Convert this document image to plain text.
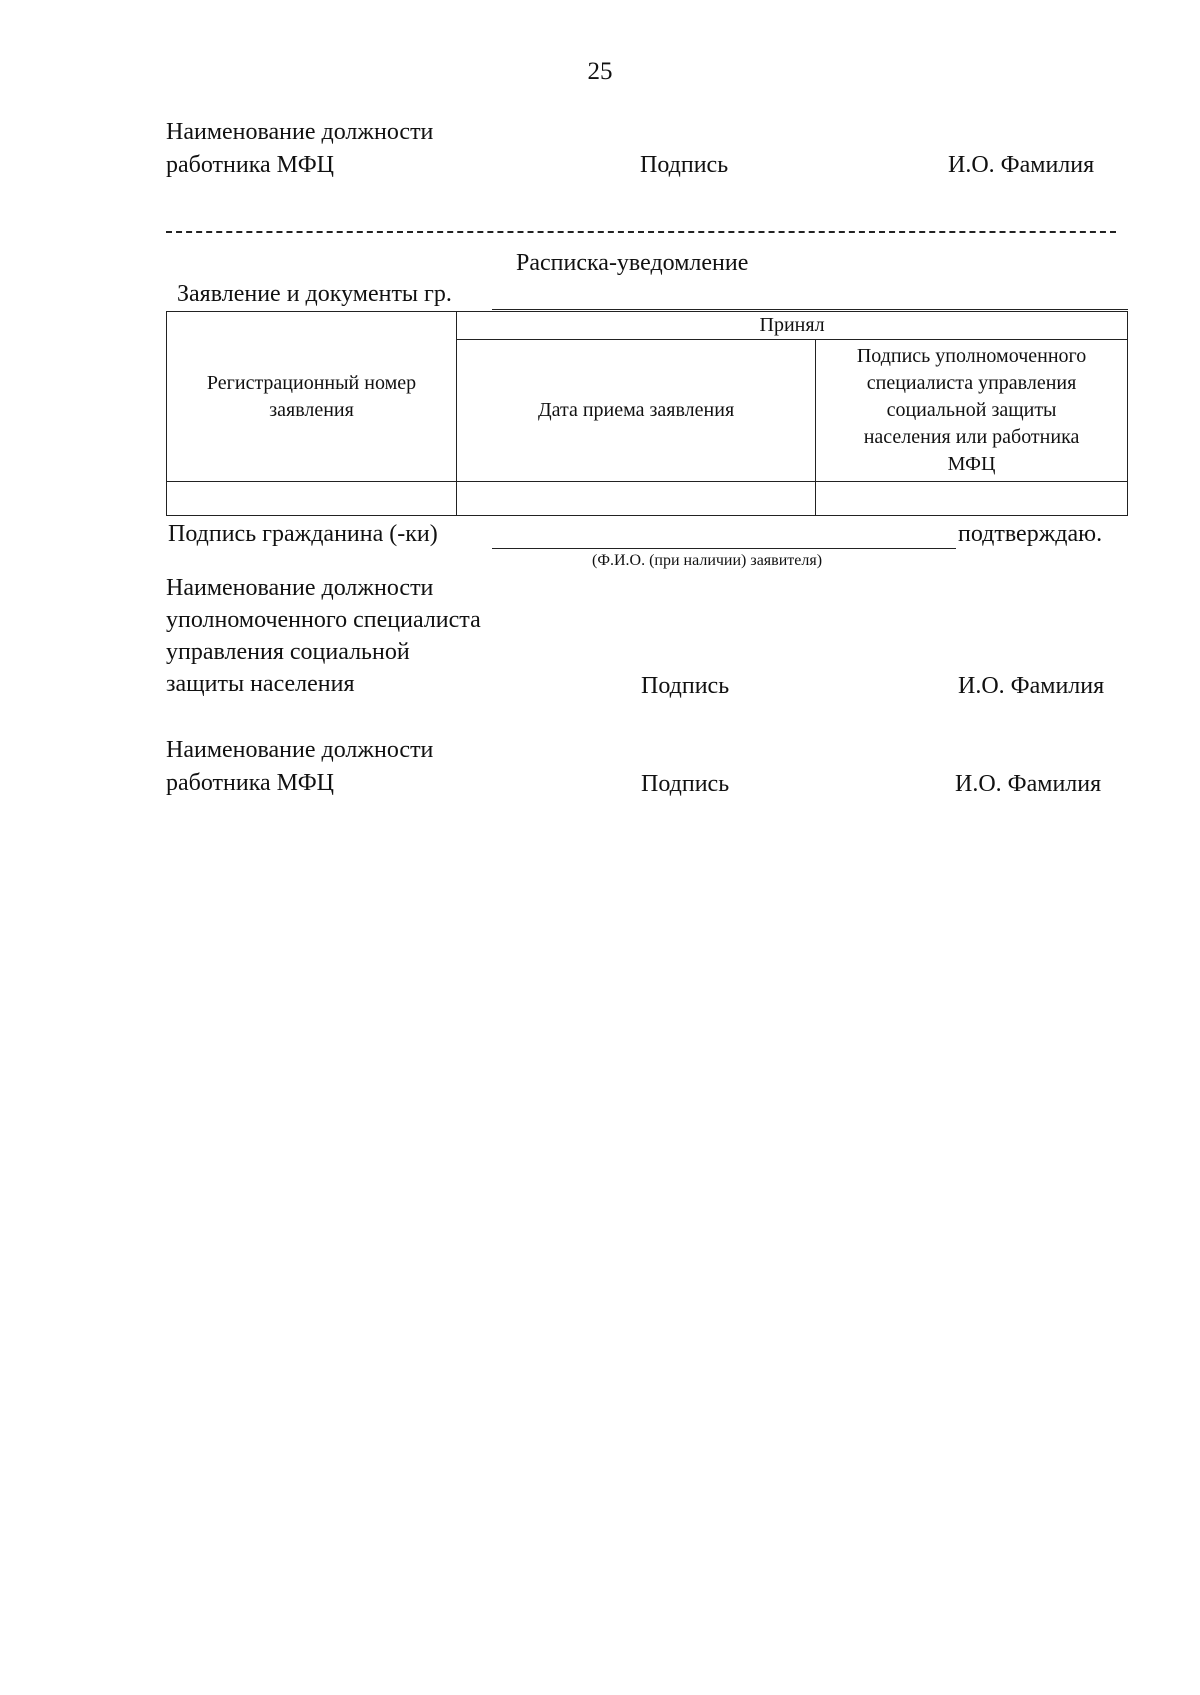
25
Наименование должности
работника МФЦ	Подпись	И.О. Фамилия
Расписка-уведомление
Заявление и документы гр.
Регистрационный номер заявления	Принял	
	Дата приема заявления	Подпись уполномоченного
специалиста управления
социальной защиты
населения или работника
МФЦ

Подпись гражданина (-ки)	подтверждаю.
(Ф.И.О. (при наличии) заявителя)
Наименование должности
уполномоченного специалиста
управления социальной
защиты населения	Подпись	И.О. Фамилия
Наименование должности
работника МФЦ	Подпись	И.О. Фамилия
